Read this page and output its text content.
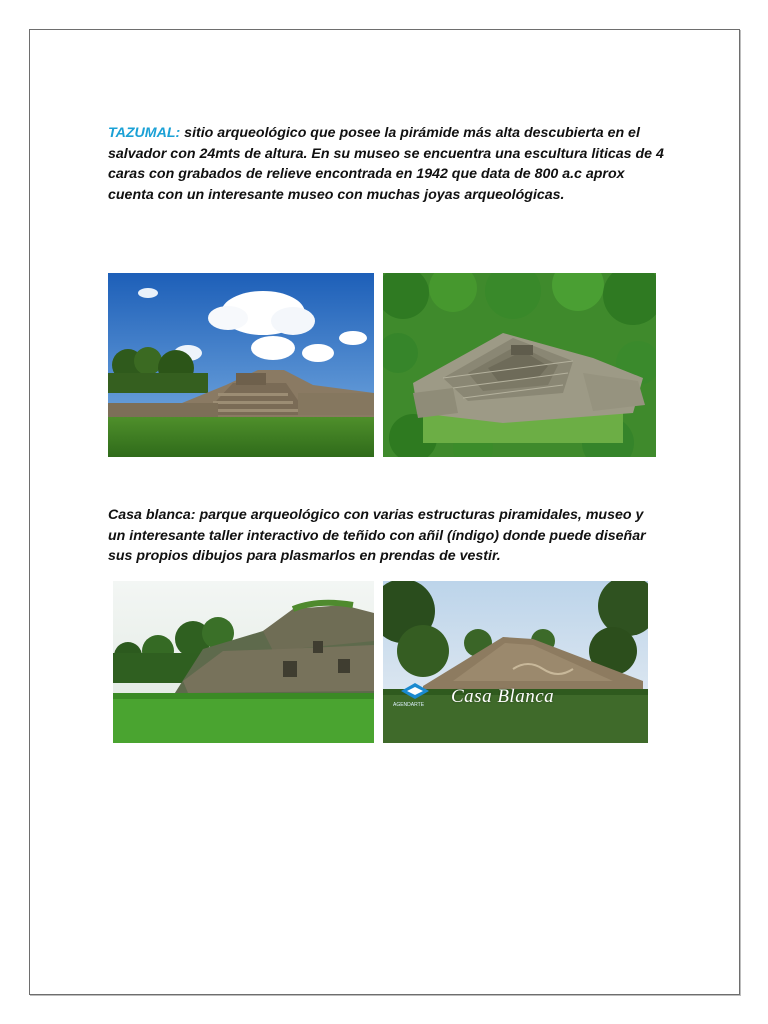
TAZUMAL: sitio arqueológico que posee la pirámide más alta descubierta en el salvador con 24mts de altura. En su museo se encuentra una escultura liticas de 4 caras con grabados de relieve encontrada en 1942 que data de 800 a.c aprox cuenta con un interesante museo con muchas joyas arqueológicas.

Casa blanca: parque arqueológico con varias estructuras piramidales, museo y un interesante taller interactivo de teñido con añil (índigo) donde puede diseñar sus propios dibujos para plasmarlos en prendas de vestir.

Casa Blanca
AGENDARTE
